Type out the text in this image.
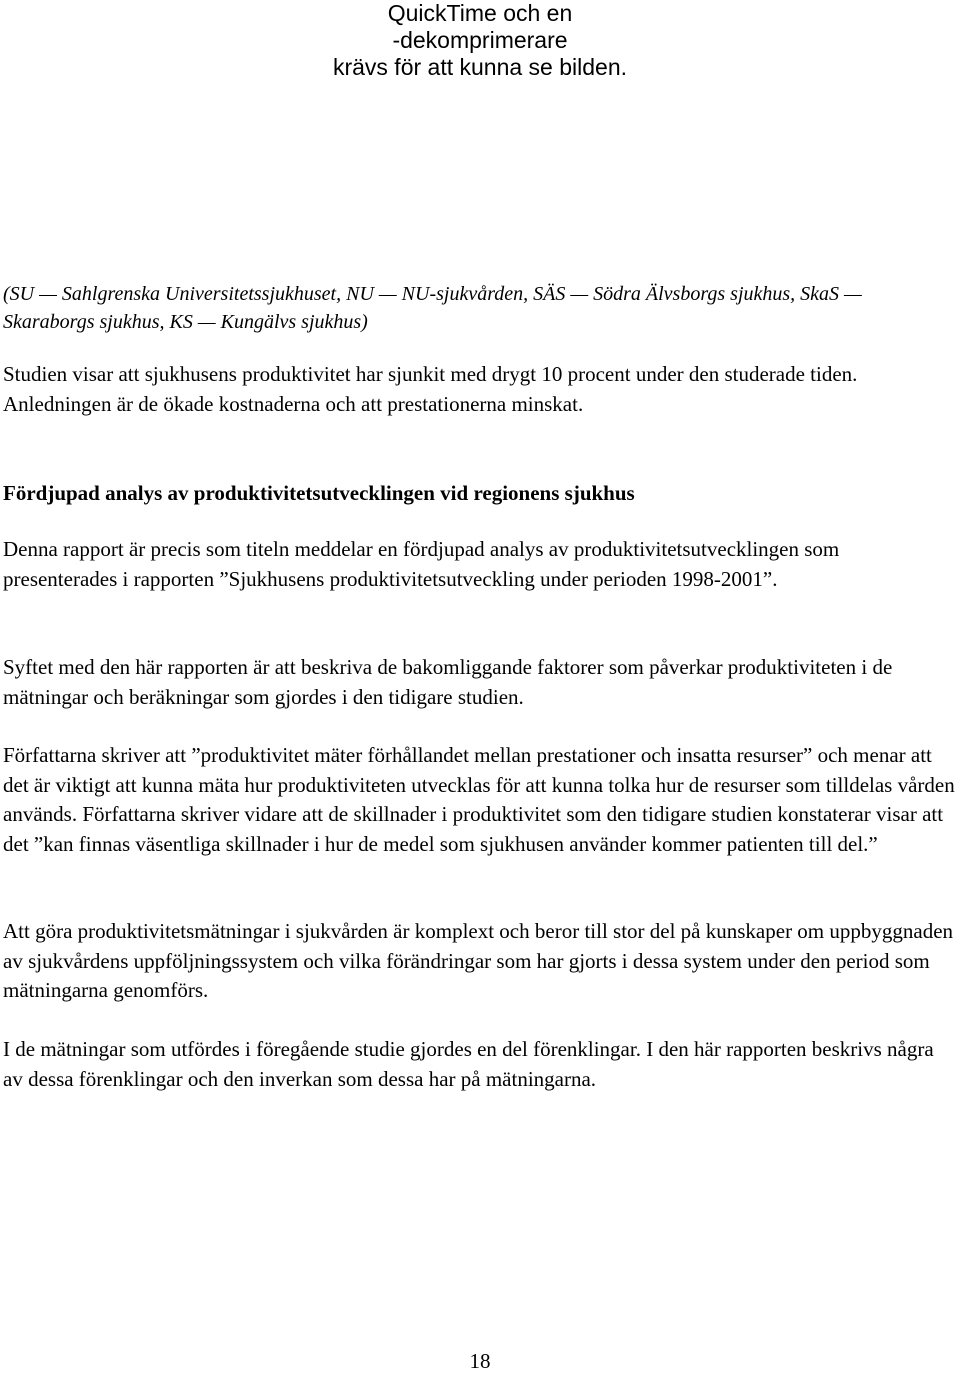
QuickTime och en
-dekomprimerare
krävs för att kunna se bilden.
(SU — Sahlgrenska Universitetssjukhuset, NU — NU-sjukvården, SÄS — Södra Älvsborgs sjukhus, SkaS — Skaraborgs sjukhus, KS — Kungälvs sjukhus)
Studien visar att sjukhusens produktivitet har sjunkit med drygt 10 procent under den studerade tiden. Anledningen är de ökade kostnaderna och att prestationerna minskat.
Fördjupad analys av produktivitetsutvecklingen vid regionens sjukhus
Denna rapport är precis som titeln meddelar en fördjupad analys av produktivitetsutvecklingen som presenterades i rapporten ”Sjukhusens produktivitetsutveckling under perioden 1998-2001”.
Syftet med den här rapporten är att beskriva de bakomliggande faktorer som påverkar produktiviteten i de mätningar och beräkningar som gjordes i den tidigare studien.
Författarna skriver att ”produktivitet mäter förhållandet mellan prestationer och insatta resurser” och menar att det är viktigt att kunna mäta hur produktiviteten utvecklas för att kunna tolka hur de resurser som tilldelas vården används. Författarna skriver vidare att de skillnader i produktivitet som den tidigare studien konstaterar visar att det ”kan finnas väsentliga skillnader i hur de medel som sjukhusen använder kommer patienten till del.”
Att göra produktivitetsmätningar i sjukvården är komplext och beror till stor del på kunskaper om uppbyggnaden av sjukvårdens uppföljningssystem och vilka förändringar som har gjorts i dessa system under den period som mätningarna genomförs.
I de mätningar som utfördes i föregående studie gjordes en del förenklingar. I den här rapporten beskrivs några av dessa förenklingar och den inverkan som dessa har på mätningarna.
18
